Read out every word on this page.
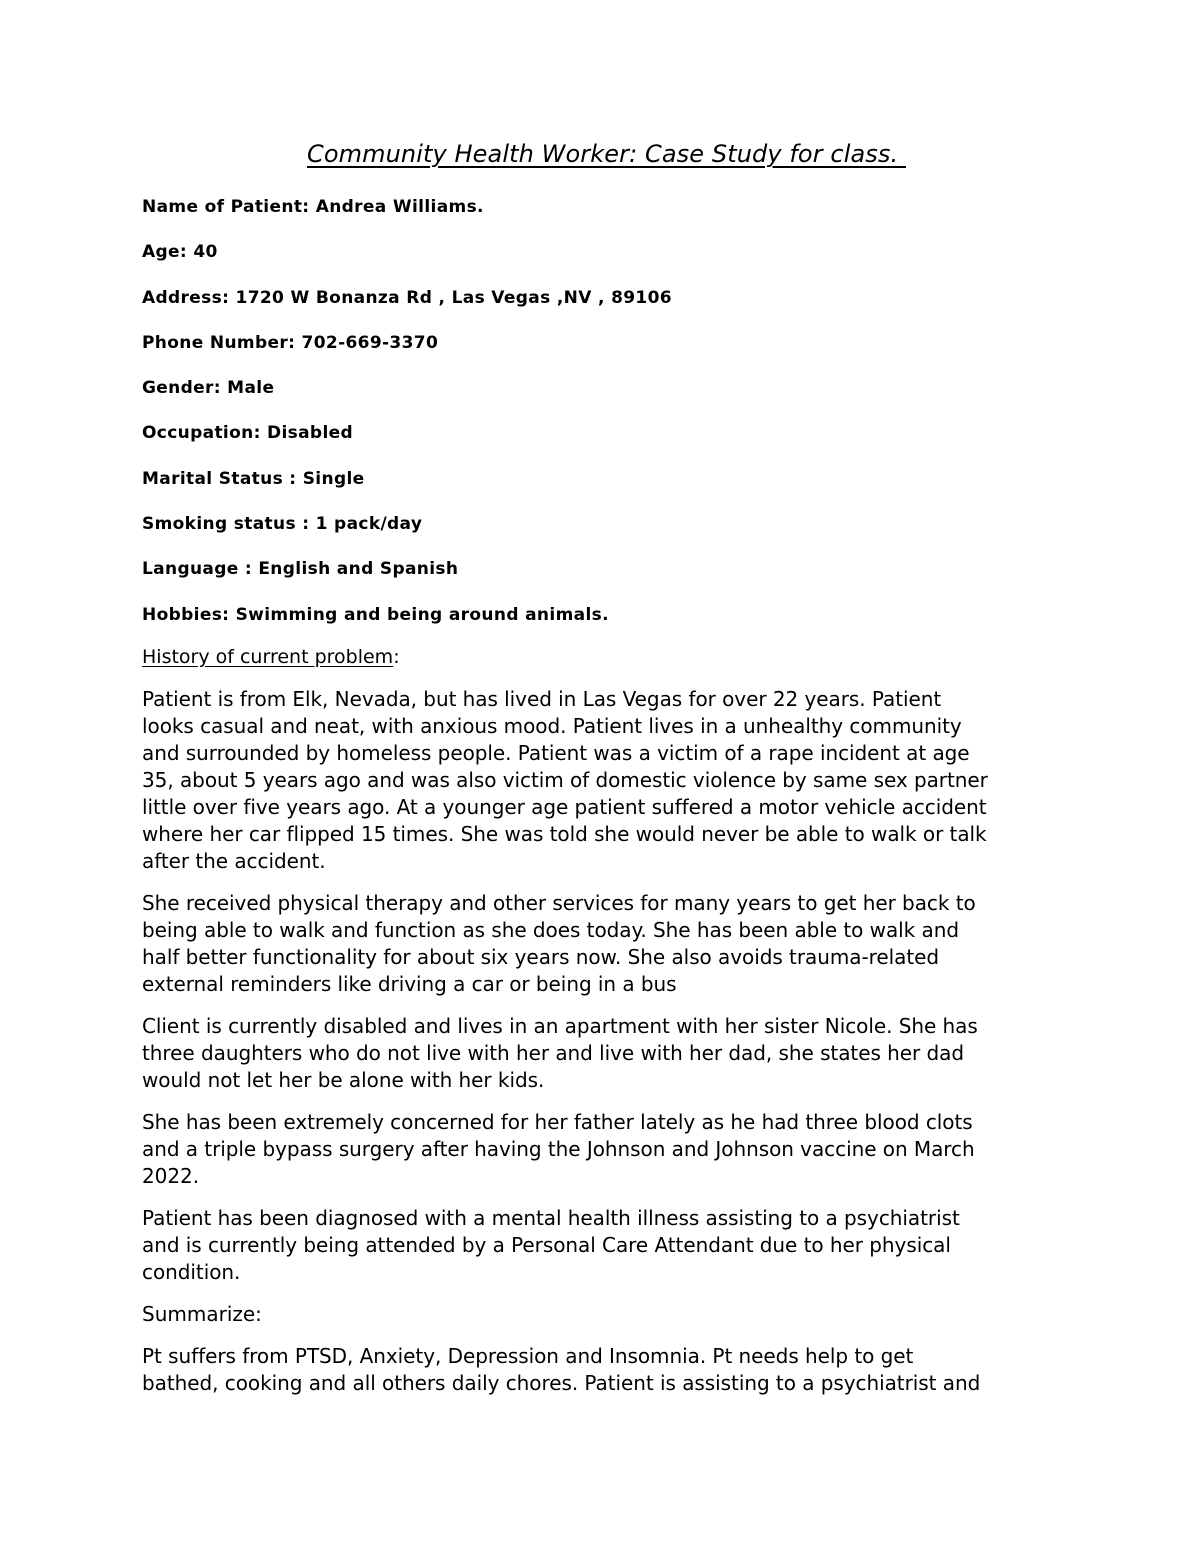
Community Health Worker: Case Study for class.
Name of Patient: Andrea Williams.
Age: 40
Address: 1720 W Bonanza Rd , Las Vegas ,NV , 89106
Phone Number: 702-669-3370
Gender: Male
Occupation: Disabled
Marital Status : Single
Smoking status : 1 pack/day
Language : English and Spanish
Hobbies: Swimming and being around animals.
History of current problem:

Patient is from Elk, Nevada, but has lived in Las Vegas for over 22 years. Patient
looks casual and neat, with anxious mood. Patient lives in a unhealthy community
and surrounded by homeless people. Patient was a victim of a rape incident at age
35, about 5 years ago and was also victim of domestic violence by same sex partner
little over five years ago. At a younger age patient suffered a motor vehicle accident
where her car flipped 15 times. She was told she would never be able to walk or talk
after the accident.

She received physical therapy and other services for many years to get her back to
being able to walk and function as she does today. She has been able to walk and
half better functionality for about six years now. She also avoids trauma-related
external reminders like driving a car or being in a bus

Client is currently disabled and lives in an apartment with her sister Nicole. She has
three daughters who do not live with her and live with her dad, she states her dad
would not let her be alone with her kids.

She has been extremely concerned for her father lately as he had three blood clots
and a triple bypass surgery after having the Johnson and Johnson vaccine on March
2022.

Patient has been diagnosed with a mental health illness assisting to a psychiatrist
and is currently being attended by a Personal Care Attendant due to her physical
condition.

Summarize:

Pt suffers from PTSD, Anxiety, Depression and Insomnia. Pt needs help to get
bathed, cooking and all others daily chores. Patient is assisting to a psychiatrist and
